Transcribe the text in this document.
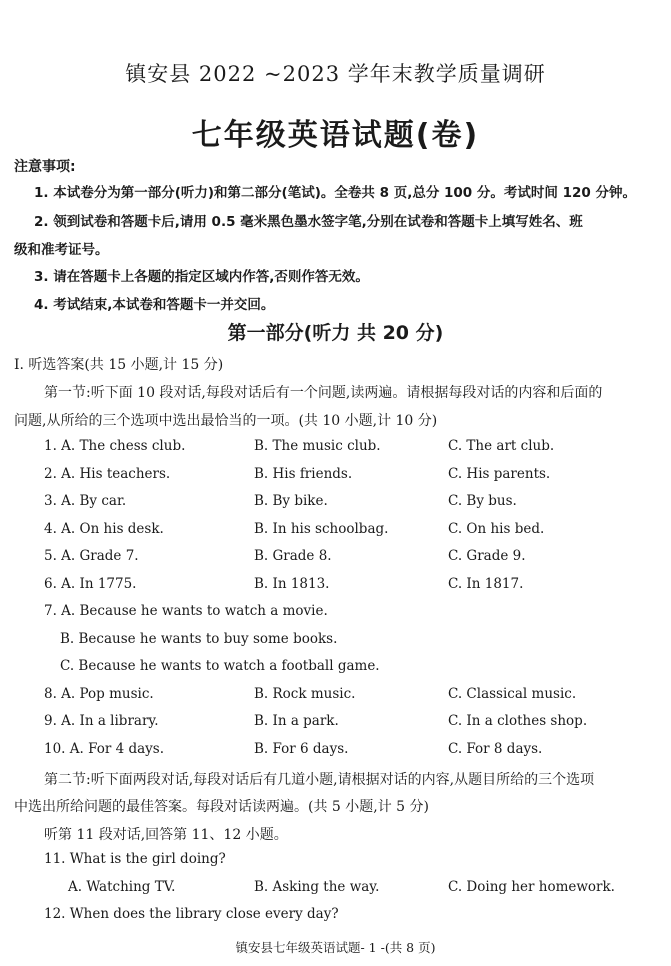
镇安县 2022 ~2023 学年末教学质量调研
七年级英语试题(卷)
注意事项:
1. 本试卷分为第一部分(听力)和第二部分(笔试)。全卷共 8 页,总分 100 分。考试时间 120 分钟。
2. 领到试卷和答题卡后,请用 0.5 毫米黑色墨水签字笔,分别在试卷和答题卡上填写姓名、班
级和准考证号。
3. 请在答题卡上各题的指定区域内作答,否则作答无效。
4. 考试结束,本试卷和答题卡一并交回。
第一部分(听力 共 20 分)
Ⅰ. 听选答案(共 15 小题,计 15 分)
第一节:听下面 10 段对话,每段对话后有一个问题,读两遍。请根据每段对话的内容和后面的
问题,从所给的三个选项中选出最恰当的一项。(共 10 小题,计 10 分)
1. A. The chess club.	B. The music club.	C. The art club.
2. A. His teachers.	B. His friends.	C. His parents.
3. A. By car.	B. By bike.	C. By bus.
4. A. On his desk.	B. In his schoolbag.	C. On his bed.
5. A. Grade 7.	B. Grade 8.	C. Grade 9.
6. A. In 1775.	B. In 1813.	C. In 1817.
7. A. Because he wants to watch a movie.
B. Because he wants to buy some books.
C. Because he wants to watch a football game.
8. A. Pop music.	B. Rock music.	C. Classical music.
9. A. In a library.	B. In a park.	C. In a clothes shop.
10. A. For 4 days.	B. For 6 days.	C. For 8 days.
第二节:听下面两段对话,每段对话后有几道小题,请根据对话的内容,从题目所给的三个选项
中选出所给问题的最佳答案。每段对话读两遍。(共 5 小题,计 5 分)
听第 11 段对话,回答第 11、12 小题。
11. What is the girl doing?
A. Watching TV.	B. Asking the way.	C. Doing her homework.
12. When does the library close every day?
镇安县七年级英语试题- 1 -(共 8 页)
